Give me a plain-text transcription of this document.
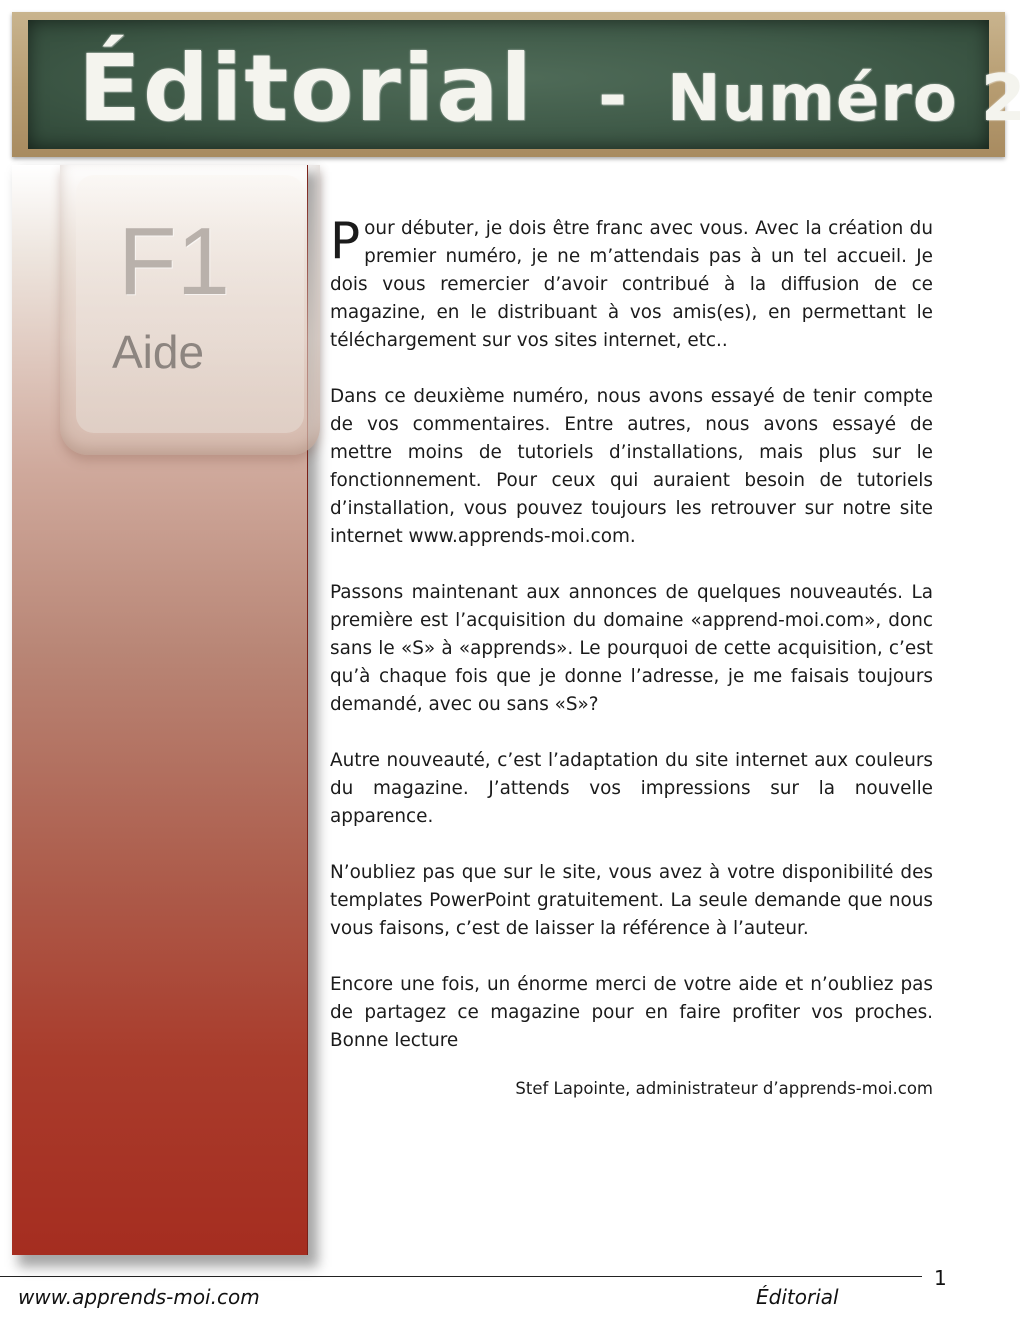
Éditorial - Numéro 2
F1
Aide

Pour débuter, je dois être franc avec vous. Avec la création du premier numéro, je ne m’attendais pas à un tel accueil. Je dois vous remercier d’avoir contribué à la diffusion de ce magazine, en le distribuant à vos amis(es), en permettant le téléchargement sur vos sites internet, etc..

Dans ce deuxième numéro, nous avons essayé de tenir compte de vos commentaires. Entre autres, nous avons essayé de mettre moins de tutoriels d’installations, mais plus sur le fonctionnement. Pour ceux qui auraient besoin de tutoriels d’installation, vous pouvez toujours les retrouver sur notre site internet www.apprends-moi.com.

Passons maintenant aux annonces de quelques nouveautés. La première est l’acquisition du domaine «apprend-moi.com», donc sans le «S» à «apprends». Le pourquoi de cette acquisition, c’est qu’à chaque fois que je donne l’adresse, je me faisais toujours demandé, avec ou sans «S»?

Autre nouveauté, c’est l’adaptation du site internet aux couleurs du magazine. J’attends vos impressions sur la nouvelle apparence.

N’oubliez pas que sur le site, vous avez à votre disponibilité des templates PowerPoint gratuitement. La seule demande que nous vous faisons, c’est de laisser la référence à l’auteur.

Encore une fois, un énorme merci de votre aide et n’oubliez pas de partagez ce magazine pour en faire profiter vos proches. Bonne lecture

Stef Lapointe, administrateur d’apprends-moi.com
1
www.apprends-moi.com	Éditorial
